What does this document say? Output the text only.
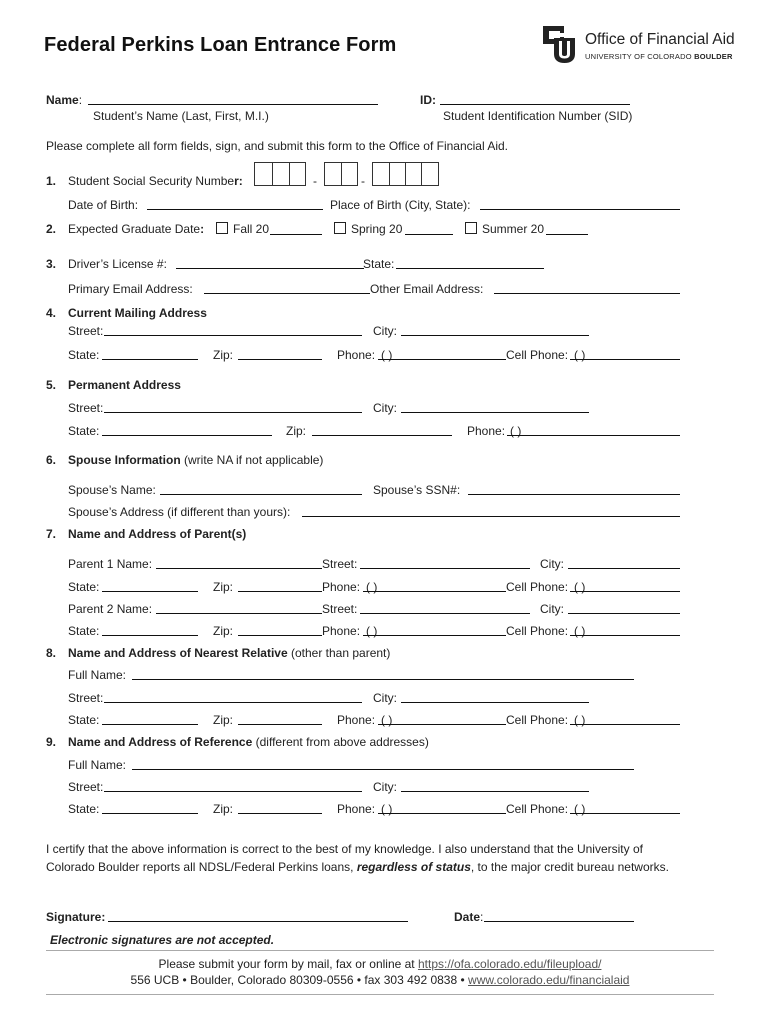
Federal Perkins Loan Entrance Form	Office of Financial Aid
UNIVERSITY OF COLORADO BOULDER
Name:
Student’s Name (Last, First, M.I.)
ID:
Student Identification Number (SID)
Please complete all form fields, sign, and submit this form to the Office of Financial Aid.
1. Student Social Security Number:	-	-
Date of Birth:	Place of Birth (City, State):
2. Expected Graduate Date: Fall 20	Spring 20	Summer 20
3. Driver’s License #:	State:
Primary Email Address:	Other Email Address:
4. Current Mailing Address
Street:	City:
State:	Zip:	Phone: ( )	Cell Phone: ( )
5. Permanent Address
Street:	City:
State:	Zip:	Phone: ( )
6. Spouse Information (write NA if not applicable)
Spouse’s Name:	Spouse’s SSN#:
Spouse’s Address (if different than yours):
7. Name and Address of Parent(s)
Parent 1 Name:	Street:	City:
State:	Zip:	Phone: ( )	Cell Phone: ( )
Parent 2 Name:	Street:	City:
State:	Zip:	Phone: ( )	Cell Phone: ( )
8. Name and Address of Nearest Relative (other than parent)
Full Name:
Street:	City:
State:	Zip:	Phone: ( )	Cell Phone: ( )
9. Name and Address of Reference (different from above addresses)
Full Name:
Street:	City:
State:	Zip:	Phone: ( )	Cell Phone: ( )
I certify that the above information is correct to the best of my knowledge. I also understand that the University of Colorado Boulder reports all NDSL/Federal Perkins loans, regardless of status, to the major credit bureau networks.
Signature:	Date:
Electronic signatures are not accepted.
Please submit your form by mail, fax or online at https://ofa.colorado.edu/fileupload/
556 UCB • Boulder, Colorado 80309-0556 • fax 303 492 0838 • www.colorado.edu/financialaid
